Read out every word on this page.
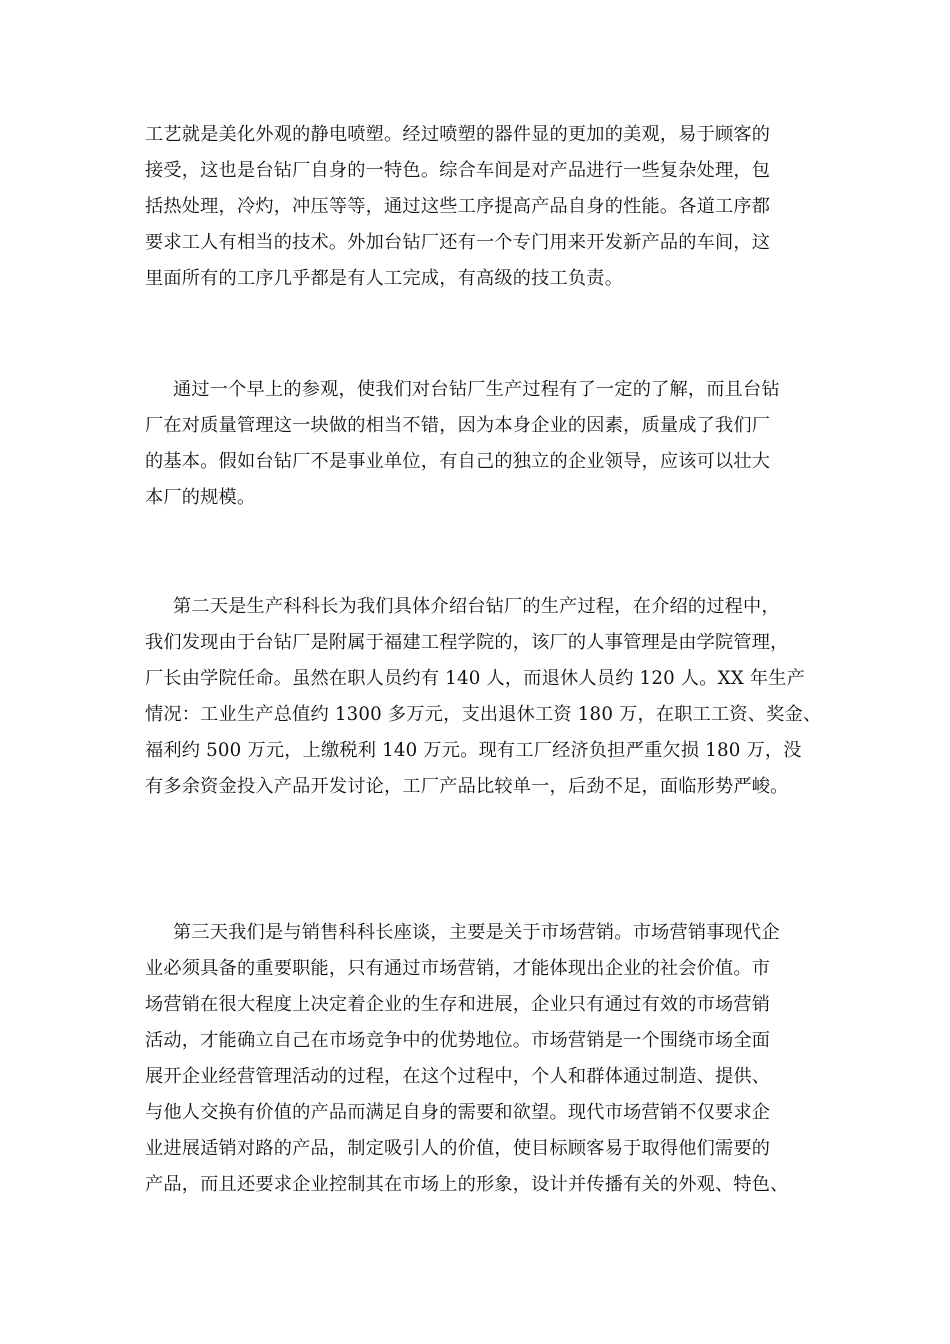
工艺就是美化外观的静电喷塑。经过喷塑的器件显的更加的美观，易于顾客的
接受，这也是台钻厂自身的一特色。综合车间是对产品进行一些复杂处理，包
括热处理，冷灼，冲压等等，通过这些工序提高产品自身的性能。各道工序都
要求工人有相当的技术。外加台钻厂还有一个专门用来开发新产品的车间，这
里面所有的工序几乎都是有人工完成，有高级的技工负责。
通过一个早上的参观，使我们对台钻厂生产过程有了一定的了解，而且台钻
厂在对质量管理这一块做的相当不错，因为本身企业的因素，质量成了我们厂
的基本。假如台钻厂不是事业单位，有自己的独立的企业领导，应该可以壮大
本厂的规模。
第二天是生产科科长为我们具体介绍台钻厂的生产过程，在介绍的过程中，
我们发现由于台钻厂是附属于福建工程学院的，该厂的人事管理是由学院管理，
厂长由学院任命。虽然在职人员约有 140 人，而退休人员约 120 人。XX 年生产
情况：工业生产总值约 1300 多万元，支出退休工资 180 万，在职工工资、奖金、
福利约 500 万元，上缴税利 140 万元。现有工厂经济负担严重欠损 180 万，没
有多余资金投入产品开发讨论，工厂产品比较单一，后劲不足，面临形势严峻。
第三天我们是与销售科科长座谈，主要是关于市场营销。市场营销事现代企
业必须具备的重要职能，只有通过市场营销，才能体现出企业的社会价值。市
场营销在很大程度上决定着企业的生存和进展，企业只有通过有效的市场营销
活动，才能确立自己在市场竞争中的优势地位。市场营销是一个围绕市场全面
展开企业经营管理活动的过程，在这个过程中，个人和群体通过制造、提供、
与他人交换有价值的产品而满足自身的需要和欲望。现代市场营销不仅要求企
业进展适销对路的产品，制定吸引人的价值，使目标顾客易于取得他们需要的
产品，而且还要求企业控制其在市场上的形象，设计并传播有关的外观、特色、
